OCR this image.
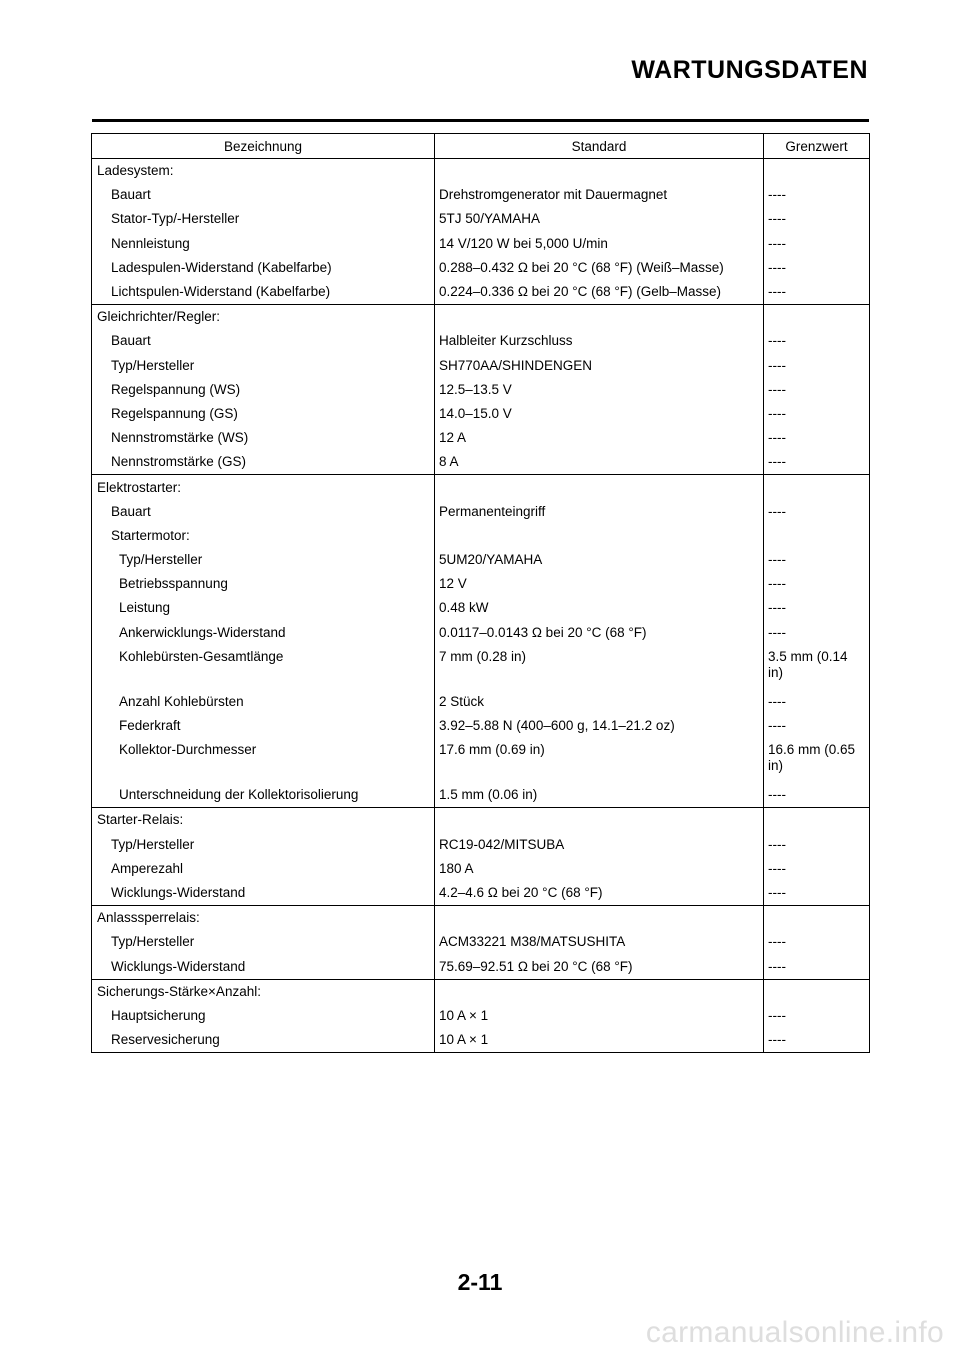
WARTUNGSDATEN
Bezeichnung	Standard	Grenzwert
Ladesystem:		
Bauart	Drehstromgenerator mit Dauermagnet	----
Stator-Typ/-Hersteller	5TJ 50/YAMAHA	----
Nennleistung	14 V/120 W bei 5,000 U/min	----
Ladespulen-Widerstand (Kabelfarbe)	0.288–0.432 Ω bei 20 °C (68 °F) (Weiß–Masse)	----
Lichtspulen-Widerstand (Kabelfarbe)	0.224–0.336 Ω bei 20 °C (68 °F) (Gelb–Masse)	----
Gleichrichter/Regler:		
Bauart	Halbleiter Kurzschluss	----
Typ/Hersteller	SH770AA/SHINDENGEN	----
Regelspannung (WS)	12.5–13.5 V	----
Regelspannung (GS)	14.0–15.0 V	----
Nennstromstärke (WS)	12 A	----
Nennstromstärke (GS)	8 A	----
Elektrostarter:		
Bauart	Permanenteingriff	----
Startermotor:		
Typ/Hersteller	5UM20/YAMAHA	----
Betriebsspannung	12 V	----
Leistung	0.48 kW	----
Ankerwicklungs-Widerstand	0.0117–0.0143 Ω bei 20 °C (68 °F)	----
Kohlebürsten-Gesamtlänge	7 mm (0.28 in)	3.5 mm (0.14 in)
Anzahl Kohlebürsten	2 Stück	----
Federkraft	3.92–5.88 N (400–600 g, 14.1–21.2 oz)	----
Kollektor-Durchmesser	17.6 mm (0.69 in)	16.6 mm (0.65 in)
Unterschneidung der Kollektorisolierung	1.5 mm (0.06 in)	----
Starter-Relais:		
Typ/Hersteller	RC19-042/MITSUBA	----
Amperezahl	180 A	----
Wicklungs-Widerstand	4.2–4.6 Ω bei 20 °C (68 °F)	----
Anlasssperrelais:		
Typ/Hersteller	ACM33221 M38/MATSUSHITA	----
Wicklungs-Widerstand	75.69–92.51 Ω bei 20 °C (68 °F)	----
Sicherungs-Stärke×Anzahl:		
Hauptsicherung	10 A × 1	----
Reservesicherung	10 A × 1	----
2-11
carmanualsonline.info
